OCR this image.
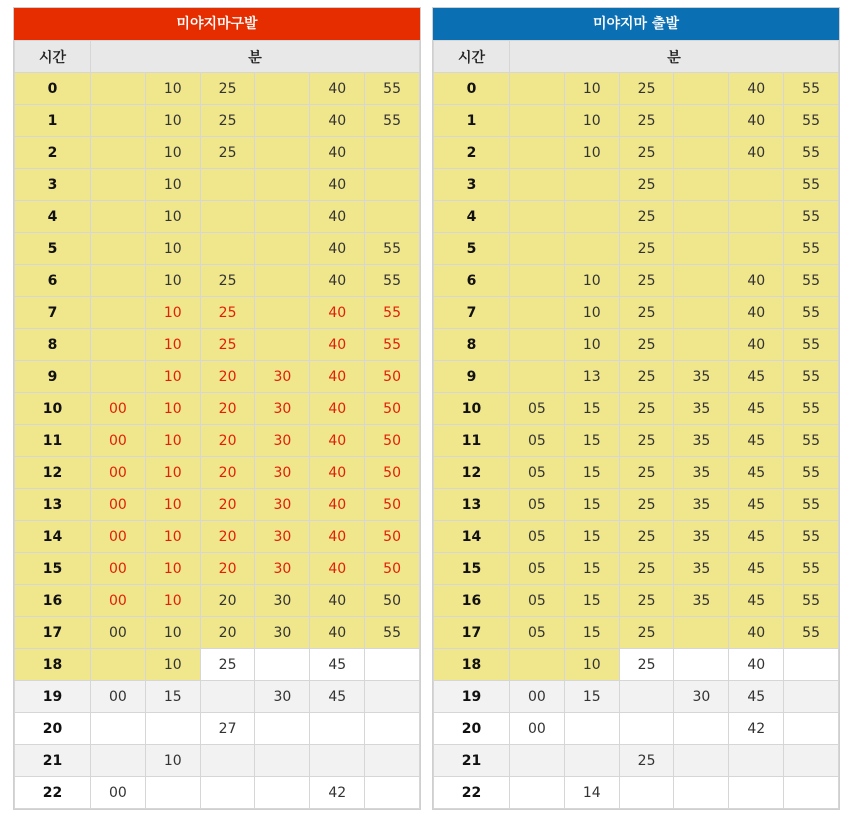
미야지마구발
시간	분					
0		10	25		40	55
1		10	25		40	55
2		10	25		40	
3		10			40	
4		10			40	
5		10			40	55
6		10	25		40	55
7		10	25		40	55
8		10	25		40	55
9		10	20	30	40	50
10	00	10	20	30	40	50
11	00	10	20	30	40	50
12	00	10	20	30	40	50
13	00	10	20	30	40	50
14	00	10	20	30	40	50
15	00	10	20	30	40	50
16	00	10	20	30	40	50
17	00	10	20	30	40	55
18		10	25		45	
19	00	15		30	45	
20			27			
21		10				
22	00				42	
미야지마 출발
시간	분					
0		10	25		40	55
1		10	25		40	55
2		10	25		40	55
3			25			55
4			25			55
5			25			55
6		10	25		40	55
7		10	25		40	55
8		10	25		40	55
9		13	25	35	45	55
10	05	15	25	35	45	55
11	05	15	25	35	45	55
12	05	15	25	35	45	55
13	05	15	25	35	45	55
14	05	15	25	35	45	55
15	05	15	25	35	45	55
16	05	15	25	35	45	55
17	05	15	25		40	55
18		10	25		40	
19	00	15		30	45	
20	00				42	
21			25			
22		14				
